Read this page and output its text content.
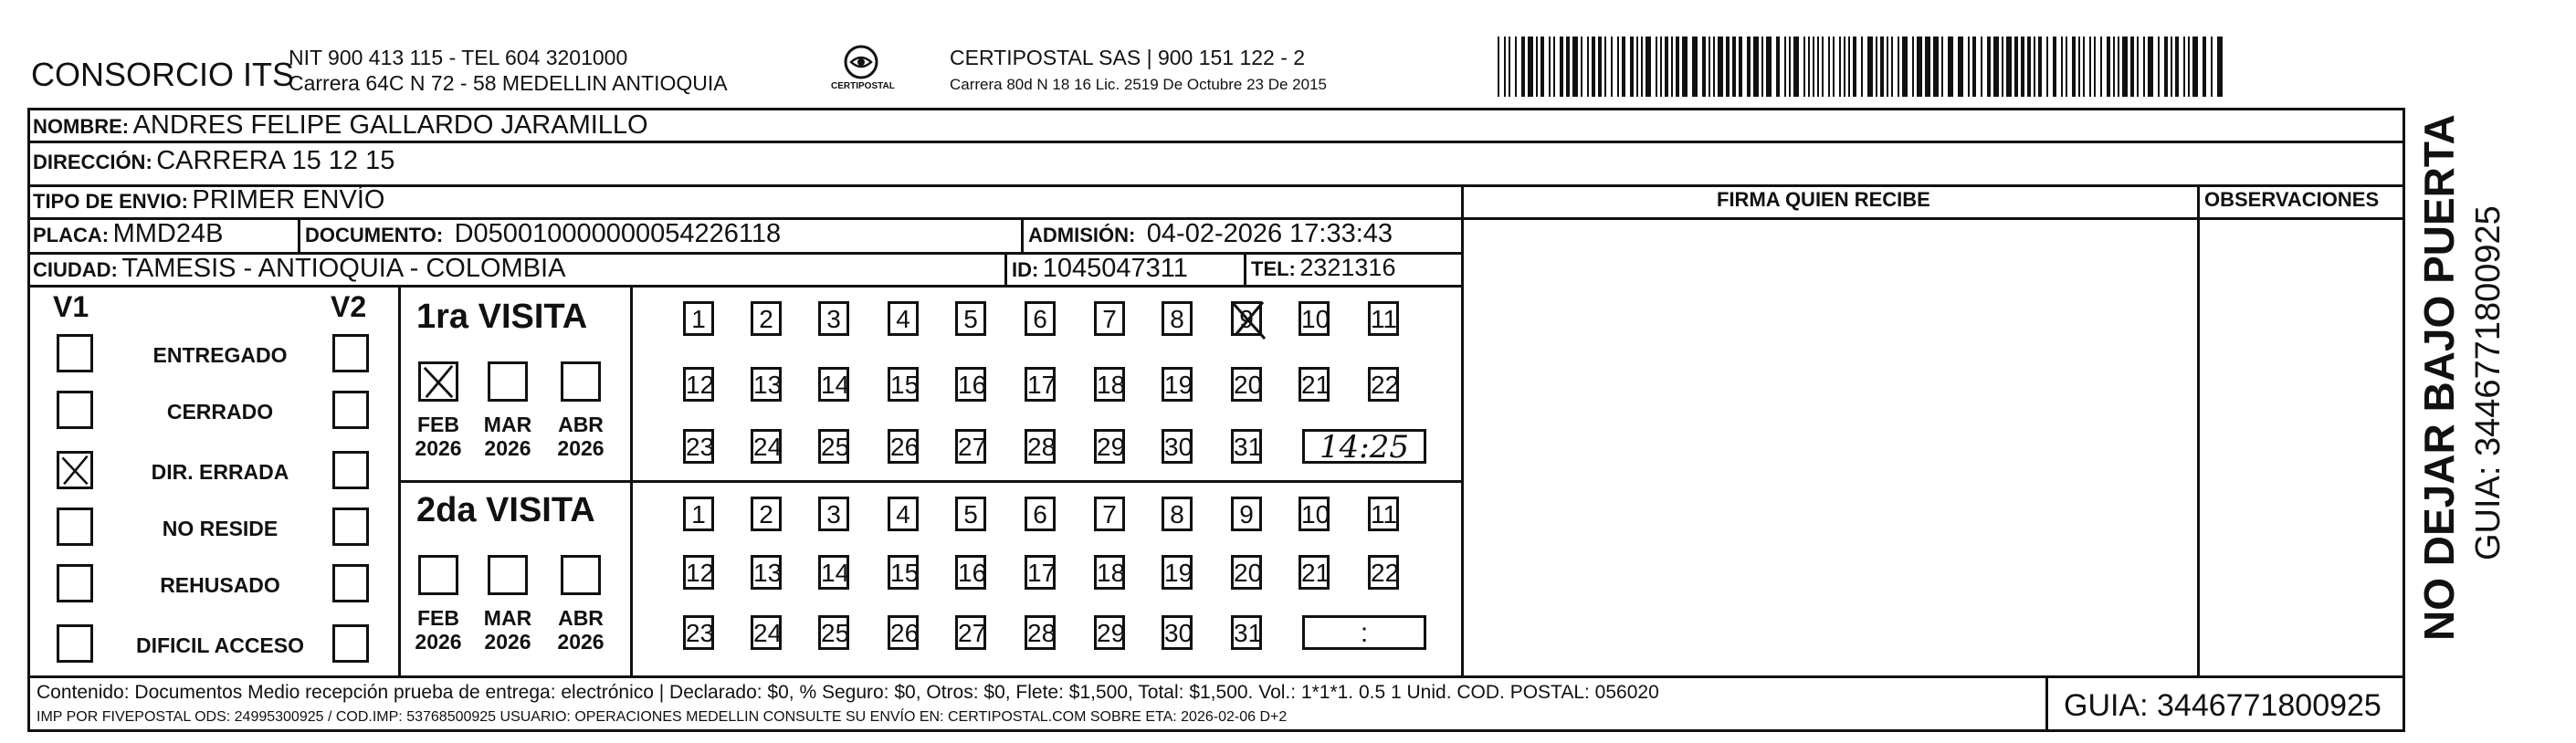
CONSORCIO ITS
NIT 900 413 115 - TEL 604 3201000
Carrera 64C N 72 - 58 MEDELLIN ANTIOQUIA	CERTIPOSTAL
CERTIPOSTAL SAS | 900 151 122 - 2
Carrera 80d N 18 16 Lic. 2519 De Octubre 23 De 2015
NOMBRE: ANDRES FELIPE GALLARDO JARAMILLO
DIRECCIÓN: CARRERA 15 12 15
TIPO DE ENVIO: PRIMER ENVÍO
PLACA: MMD24B	DOCUMENTO: D050010000000054226118	ADMISIÓN: 04-02-2026 17:33:43
CIUDAD: TAMESIS - ANTIOQUIA - COLOMBIA	ID: 1045047311	TEL: 2321316
FIRMA QUIEN RECIBE	OBSERVACIONES
V1	V2 1ra VISITA
2da VISITA
Contenido: Documentos Medio recepción prueba de entrega: electrónico | Declarado: $0, % Seguro: $0, Otros: $0, Flete: $1,500, Total: $1,500. Vol.: 1*1*1. 0.5 1 Unid. COD. POSTAL: 056020
IMP POR FIVEPOSTAL ODS: 24995300925 / COD.IMP: 53768500925 USUARIO: OPERACIONES MEDELLIN CONSULTE SU ENVÍO EN: CERTIPOSTAL.COM SOBRE ETA: 2026-02-06 D+2	GUIA: 3446771800925
NO DEJAR BAJO PUERTA GUIA: 3446771800925
ENTREGADO
CERRADO
DIR. ERRADA
NO RESIDE
REHUSADO
DIFICIL ACCESO
FEB
2026
MAR
2026
ABR
2026
1	2	3	4	5	6	7	8	9	10 11
12 13 14 15 16 17 18 19 20 21 22
23 24 25 26 27 28 29 30 31	14:25
FEB
2026
MAR
2026
ABR
2026
1	2	3	4	5	6	7	8	9	10 11
12 13 14 15 16 17 18 19 20 21 22
23 24 25 26 27 28 29 30 31	:
